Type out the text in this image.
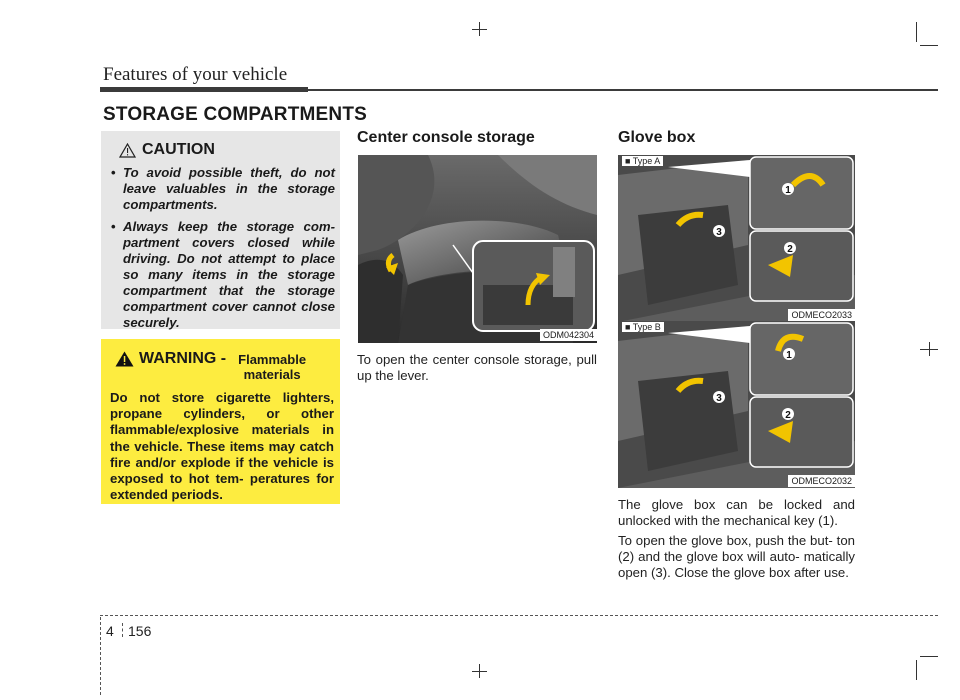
Features of your vehicle
STORAGE COMPARTMENTS
CAUTION
• To avoid possible theft, do not leave valuables in the storage compartments.
• Always keep the storage com- partment covers closed while driving. Do not attempt to place so many items in the storage compartment that the storage compartment cover cannot close securely.
WARNING - Flammable materials
Do not store cigarette lighters, propane cylinders, or other flammable/explosive materials in the vehicle. These items may catch fire and/or explode if the vehicle is exposed to hot tem- peratures for extended periods.
Center console storage
ODM042304
To open the center console storage, pull up the lever.
Glove box
1
2
3
■ Type A
ODMECO2033
1
2
3
■ Type B
ODMECO2032
The glove box can be locked and unlocked with the mechanical key (1).
To open the glove box, push the but- ton (2) and the glove box will auto- matically open (3). Close the glove box after use.
4 156
